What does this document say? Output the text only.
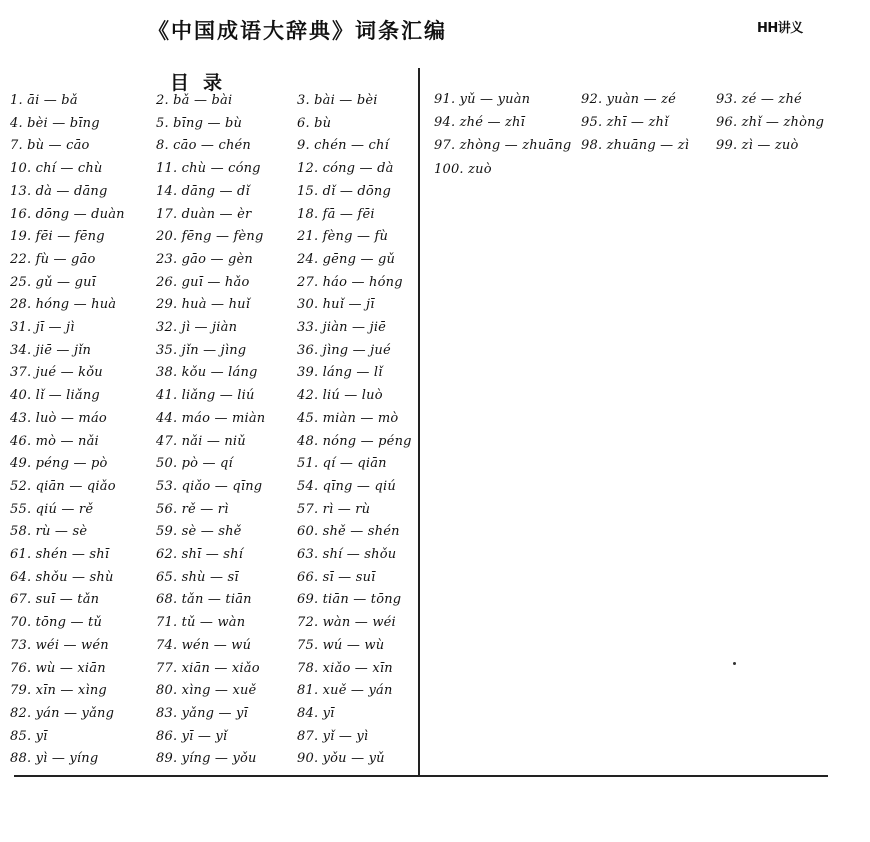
《中国成语大辞典》词条汇编	HH讲义
目录
1. āi — bǎ
4. bèi — bīng
7. bù — cāo
10. chí — chù
13. dà — dāng
16. dōng — duàn
19. fēi — fēng
22. fù — gāo
25. gǔ — guī
28. hóng — huà
31. jī — jì
34. jiē — jǐn
37. jué — kǒu
40. lǐ — liǎng
43. luò — máo
46. mò — nǎi
49. péng — pò
52. qiān — qiǎo
55. qiú — rě
58. rù — sè
61. shén — shī
64. shǒu — shù
67. suī — tǎn
70. tōng — tǔ
73. wéi — wén
76. wù — xiān
79. xīn — xìng
82. yán — yǎng
85. yī
88. yì — yíng
2. bǎ — bài
5. bīng — bù
8. cāo — chén
11. chù — cóng
14. dāng — dǐ
17. duàn — èr
20. fēng — fèng
23. gāo — gèn
26. guī — hǎo
29. huà — huǐ
32. jì — jiàn
35. jǐn — jìng
38. kǒu — láng
41. liǎng — liú
44. máo — miàn
47. nǎi — niǔ
50. pò — qí
53. qiǎo — qīng
56. rě — rì
59. sè — shě
62. shī — shí
65. shù — sī
68. tǎn — tiān
71. tǔ — wàn
74. wén — wú
77. xiān — xiǎo
80. xìng — xuě
83. yǎng — yī
86. yī — yǐ
89. yíng — yǒu
3. bài — bèi
6. bù
9. chén — chí
12. cóng — dà
15. dǐ — dōng
18. fā — fēi
21. fèng — fù
24. gēng — gǔ
27. háo — hóng
30. huǐ — jī
33. jiàn — jiē
36. jìng — jué
39. láng — lǐ
42. liú — luò
45. miàn — mò
48. nóng — péng
51. qí — qiān
54. qīng — qiú
57. rì — rù
60. shě — shén
63. shí — shǒu
66. sī — suī
69. tiān — tōng
72. wàn — wéi
75. wú — wù
78. xiǎo — xīn
81. xuě — yán
84. yī
87. yǐ — yì
90. yǒu — yǔ
91. yǔ — yuàn
94. zhé — zhī
97. zhòng — zhuāng
100. zuò
92. yuàn — zé
95. zhī — zhǐ
98. zhuāng — zì
93. zé — zhé
96. zhǐ — zhòng
99. zì — zuò
